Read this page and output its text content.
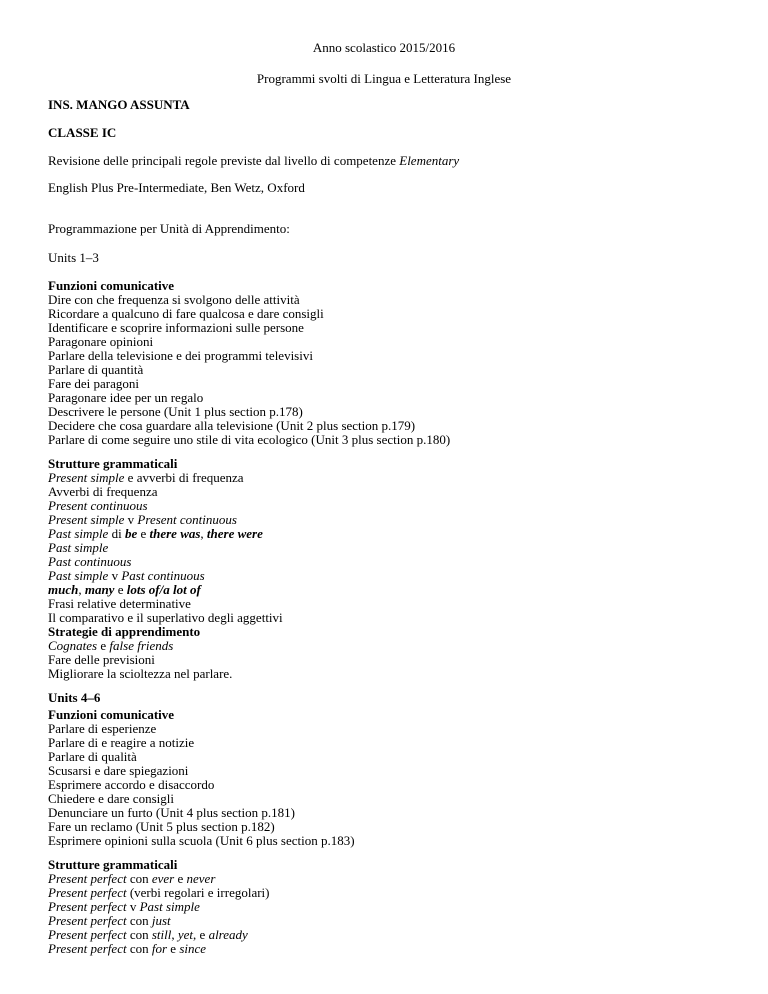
Anno scolastico 2015/2016
Programmi svolti di Lingua e Letteratura Inglese
INS. MANGO ASSUNTA
CLASSE IC
Revisione delle principali regole previste dal livello di competenze Elementary
English Plus Pre-Intermediate, Ben Wetz, Oxford
Programmazione per Unità di Apprendimento:
Units 1–3
Funzioni comunicative
Dire con che frequenza si svolgono delle attività
Ricordare a qualcuno di fare qualcosa e dare consigli
Identificare e scoprire informazioni sulle persone
Paragonare opinioni
Parlare della televisione e dei programmi televisivi
Parlare di quantità
Fare dei paragoni
Paragonare idee per un regalo
Descrivere le persone (Unit 1 plus section p.178)
Decidere che cosa guardare alla televisione (Unit 2 plus section p.179)
Parlare di come seguire uno stile di vita ecologico (Unit 3 plus section p.180)
Strutture grammaticali
Present simple e avverbi di frequenza
Avverbi di frequenza
Present continuous
Present simple v Present continuous
Past simple di be e there was, there were
Past simple
Past continuous
Past simple v Past continuous
much, many e lots of/a lot of
Frasi relative determinative
Il comparativo e il superlativo degli aggettivi
Strategie di apprendimento
Cognates e false friends
Fare delle previsioni
Migliorare la scioltezza nel parlare.
Units 4–6
Funzioni comunicative
Parlare di esperienze
Parlare di e reagire a notizie
Parlare di qualità
Scusarsi e dare spiegazioni
Esprimere accordo e disaccordo
Chiedere e dare consigli
Denunciare un furto (Unit 4 plus section p.181)
Fare un reclamo (Unit 5 plus section p.182)
Esprimere opinioni sulla scuola (Unit 6 plus section p.183)
Strutture grammaticali
Present perfect con ever e never
Present perfect (verbi regolari e irregolari)
Present perfect v Past simple
Present perfect con just
Present perfect con still, yet, e already
Present perfect con for e since
